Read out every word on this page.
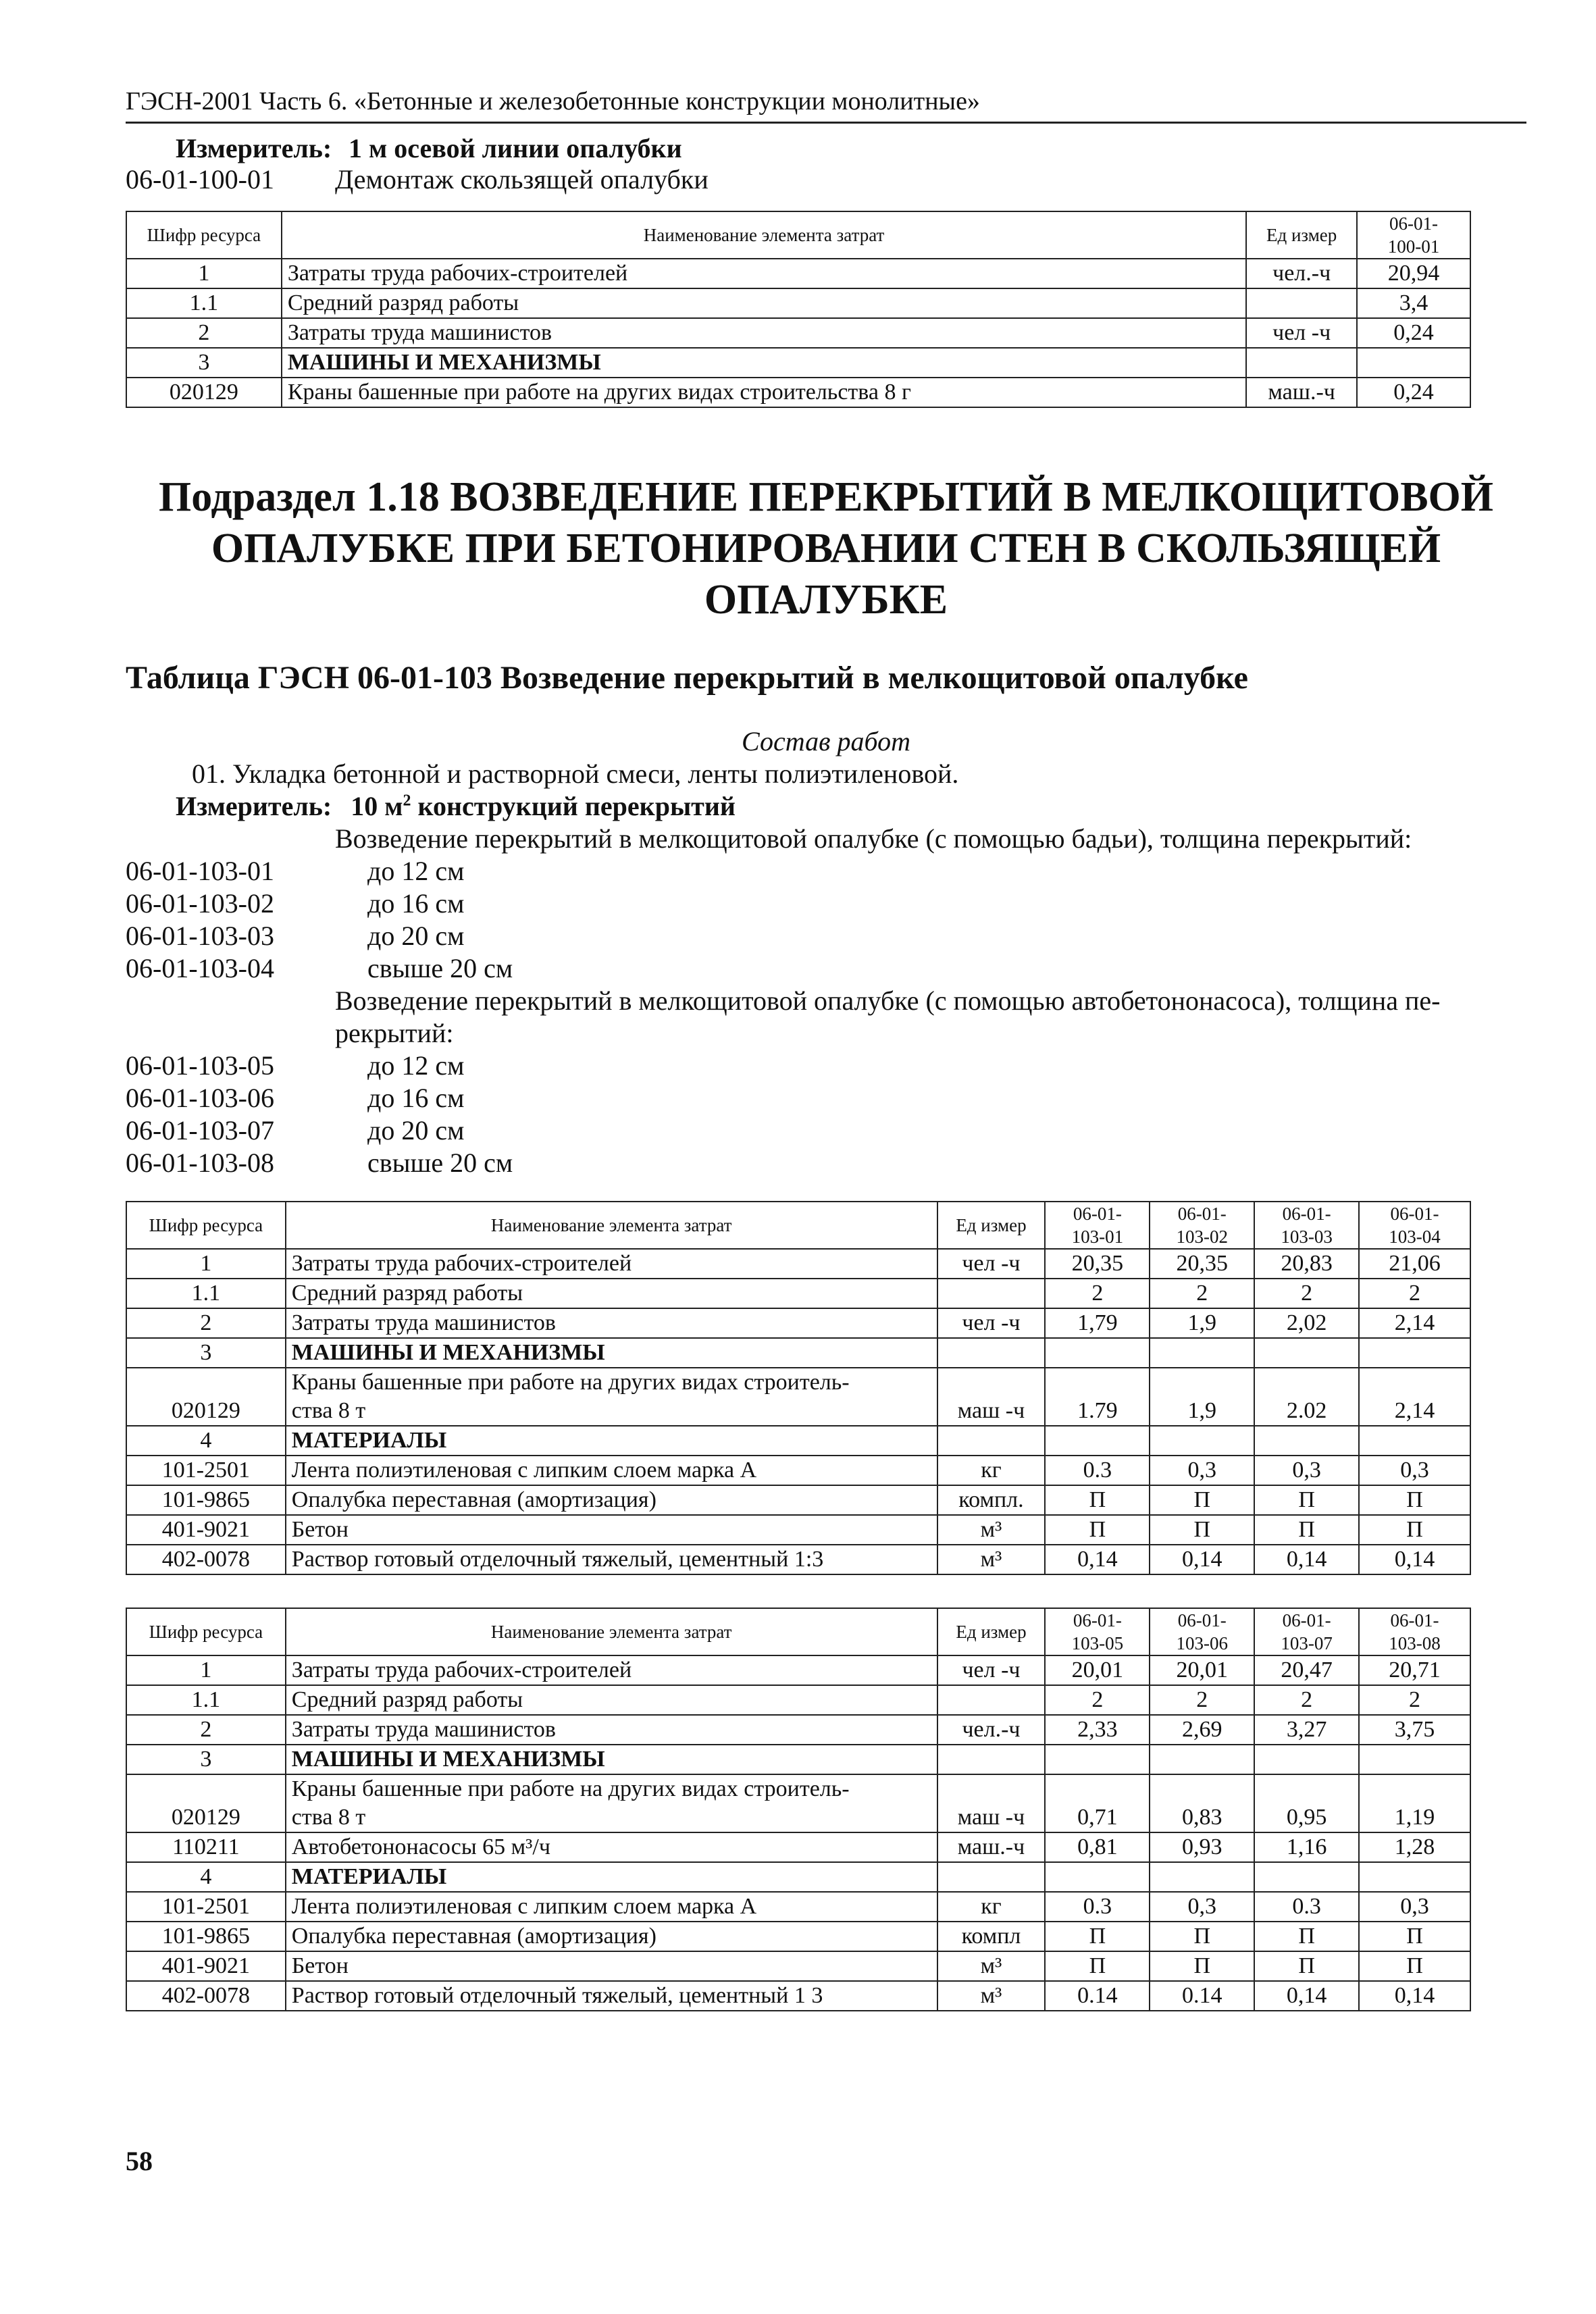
ГЭСН-2001 Часть 6. «Бетонные и железобетонные конструкции монолитные»
Измеритель: 1 м осевой линии опалубки
06-01-100-01 Демонтаж скользящей опалубки
Шифр ресурса	Наименование элемента затрат	Ед измер	06-01-
100-01
1	Затраты труда рабочих-строителей	чел.-ч	20,94
1.1	Средний разряд работы		3,4
2	Затраты труда машинистов	чел -ч	0,24
3	МАШИНЫ И МЕХАНИЗМЫ		
020129	Краны башенные при работе на других видах строительства 8 г	маш.-ч	0,24
Подраздел 1.18 ВОЗВЕДЕНИЕ ПЕРЕКРЫТИЙ В МЕЛКОЩИТОВОЙ
ОПАЛУБКЕ ПРИ БЕТОНИРОВАНИИ СТЕН В СКОЛЬЗЯЩЕЙ
ОПАЛУБКЕ
Таблица ГЭСН 06-01-103 Возведение перекрытий в мелкощитовой опалубке
Состав работ
01. Укладка бетонной и растворной смеси, ленты полиэтиленовой.
Измеритель: 10 $м^2$ конструкций перекрытий
Возведение перекрытий в мелкощитовой опалубке (с помощью бадьи), толщина перекрытий:
06-01-103-01	до 12 см
06-01-103-02	до 16 см
06-01-103-03	до 20 см
06-01-103-04	свыше 20 см
Возведение перекрытий в мелкощитовой опалубке (с помощью автобетононасоса), толщина пе-
рекрытий:
06-01-103-05	до 12 см
06-01-103-06	до 16 см
06-01-103-07	до 20 см
06-01-103-08	свыше 20 см
Шифр ресурса	Наименование элемента затрат	Ед измер	06-01-
103-01	06-01-
103-02	06-01-
103-03	06-01-
103-04
1	Затраты труда рабочих-строителей	чел -ч	20,35	20,35	20,83	21,06
1.1	Средний разряд работы		2	2	2	2
2	Затраты труда машинистов	чел -ч	1,79	1,9	2,02	2,14
3	МАШИНЫ И МЕХАНИЗМЫ					
020129	Краны башенные при работе на других видах строитель-
ства 8 т	маш -ч	1.79	1,9	2.02	2,14
4	МАТЕРИАЛЫ					
101-2501	Лента полиэтиленовая с липким слоем марка А	кг	0.3	0,3	0,3	0,3
101-9865	Опалубка переставная (амортизация)	компл.	П	П	П	П
401-9021	Бетон	м³	П	П	П	П
402-0078	Раствор готовый отделочный тяжелый, цементный 1:3	м³	0,14	0,14	0,14	0,14
Шифр ресурса	Наименование элемента затрат	Ед измер	06-01-
103-05	06-01-
103-06	06-01-
103-07	06-01-
103-08
1	Затраты труда рабочих-строителей	чел -ч	20,01	20,01	20,47	20,71
1.1	Средний разряд работы		2	2	2	2
2	Затраты труда машинистов	чел.-ч	2,33	2,69	3,27	3,75
3	МАШИНЫ И МЕХАНИЗМЫ					
020129	Краны башенные при работе на других видах строитель-
ства 8 т	маш -ч	0,71	0,83	0,95	1,19
110211	Автобетононасосы 65 м³/ч	маш.-ч	0,81	0,93	1,16	1,28
4	МАТЕРИАЛЫ					
101-2501	Лента полиэтиленовая с липким слоем марка А	кг	0.3	0,3	0.3	0,3
101-9865	Опалубка переставная (амортизация)	компл	П	П	П	П
401-9021	Бетон	м³	П	П	П	П
402-0078	Раствор готовый отделочный тяжелый, цементный 1 3	м³	0.14	0.14	0,14	0,14
58
